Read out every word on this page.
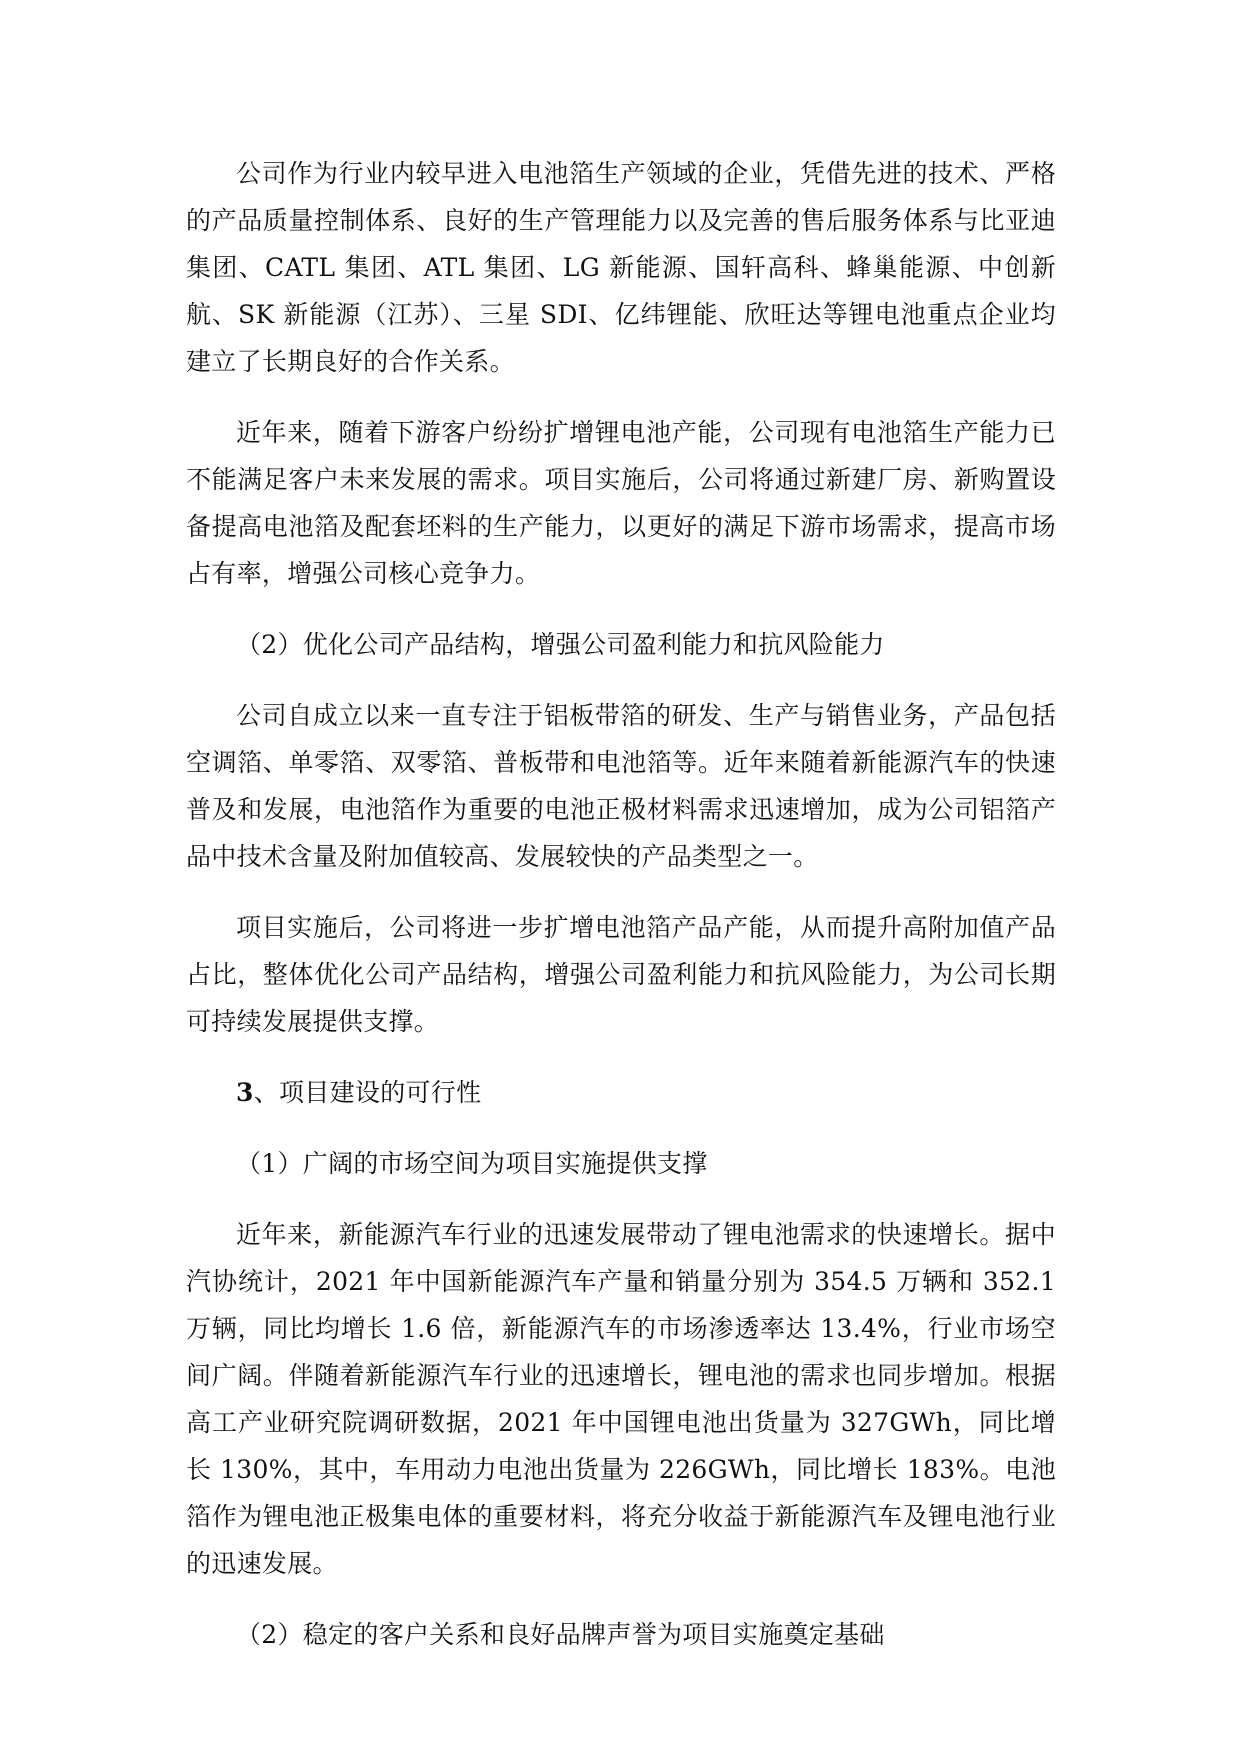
公司作为行业内较早进入电池箔生产领域的企业，凭借先进的技术、严格的产品质量控制体系、良好的生产管理能力以及完善的售后服务体系与比亚迪集团、CATL 集团、ATL 集团、LG 新能源、国轩高科、蜂巢能源、中创新航、SK 新能源（江苏）、三星 SDI、亿纬锂能、欣旺达等锂电池重点企业均建立了长期良好的合作关系。

近年来，随着下游客户纷纷扩增锂电池产能，公司现有电池箔生产能力已不能满足客户未来发展的需求。项目实施后，公司将通过新建厂房、新购置设备提高电池箔及配套坯料的生产能力，以更好的满足下游市场需求，提高市场占有率，增强公司核心竞争力。

（2）优化公司产品结构，增强公司盈利能力和抗风险能力

公司自成立以来一直专注于铝板带箔的研发、生产与销售业务，产品包括空调箔、单零箔、双零箔、普板带和电池箔等。近年来随着新能源汽车的快速普及和发展，电池箔作为重要的电池正极材料需求迅速增加，成为公司铝箔产品中技术含量及附加值较高、发展较快的产品类型之一。

项目实施后，公司将进一步扩增电池箔产品产能，从而提升高附加值产品占比，整体优化公司产品结构，增强公司盈利能力和抗风险能力，为公司长期可持续发展提供支撑。

3、项目建设的可行性

（1）广阔的市场空间为项目实施提供支撑

近年来，新能源汽车行业的迅速发展带动了锂电池需求的快速增长。据中汽协统计，2021 年中国新能源汽车产量和销量分别为 354.5 万辆和 352.1 万辆，同比均增长 1.6 倍，新能源汽车的市场渗透率达 13.4%，行业市场空间广阔。伴随着新能源汽车行业的迅速增长，锂电池的需求也同步增加。根据高工产业研究院调研数据，2021 年中国锂电池出货量为 327GWh，同比增长 130%，其中，车用动力电池出货量为 226GWh，同比增长 183%。电池箔作为锂电池正极集电体的重要材料，将充分收益于新能源汽车及锂电池行业的迅速发展。

（2）稳定的客户关系和良好品牌声誉为项目实施奠定基础
